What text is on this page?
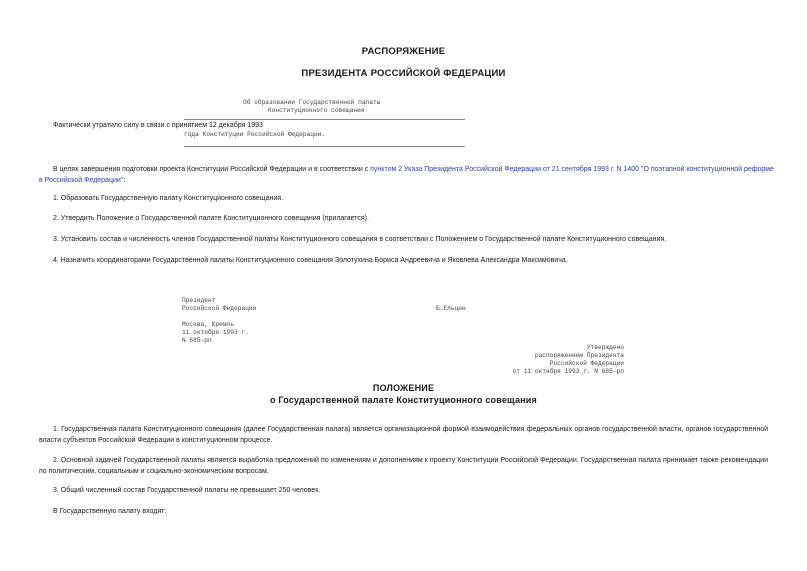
РАСПОРЯЖЕНИЕ
ПРЕЗИДЕНТА РОССИЙСКОЙ ФЕДЕРАЦИИ
Об образовании Государственной палаты
Конституционного совещания
Фактически утратило силу в связи с принятием 12 декабря 1993
года Конституции Российской Федерации.
В целях завершения подготовки проекта Конституции Российской Федерации и в соответствии с пунктом 2 Указа Президента Российской Федерации от 21 сентября 1993 г. N 1400 "О поэтапной конституционной реформе в Российской Федерации":
1. Образовать Государственную палату Конституционного совещания.
2. Утвердить Положение о Государственной палате Конституционного совещания (прилагается).
3. Установить состав и численность членов Государственной палаты Конституционного совещания в соответствии с Положением о Государственной палате Конституционного совещания.
4. Назначить координаторами Государственной палаты Конституционного совещания Золотухина Бориса Андреевича и Яковлева Александра Максимовича.
Президент
Российской Федерации	Б.Ельцин
Москва, Кремль
11 октября 1993 г.
N 685-рп
Утверждено
распоряжением Президента
Российской Федерации
от 11 октября 1993 г. N 685-рп
ПОЛОЖЕНИЕ
о Государственной палате Конституционного совещания
1. Государственная палата Конституционного совещания (далее Государственная палата) является организационной формой взаимодействия федеральных органов государственной власти, органов государственной власти субъектов Российской Федерации в конституционном процессе.
2. Основной задачей Государственной палаты является выработка предложений по изменениям и дополнениям к проекту Конституции Российской Федерации. Государственная палата принимает также рекомендации по политическим, социальным и социально-экономическим вопросам.
3. Общий численный состав Государственной палаты не превышает 250 человек.
В Государственную палату входят:
